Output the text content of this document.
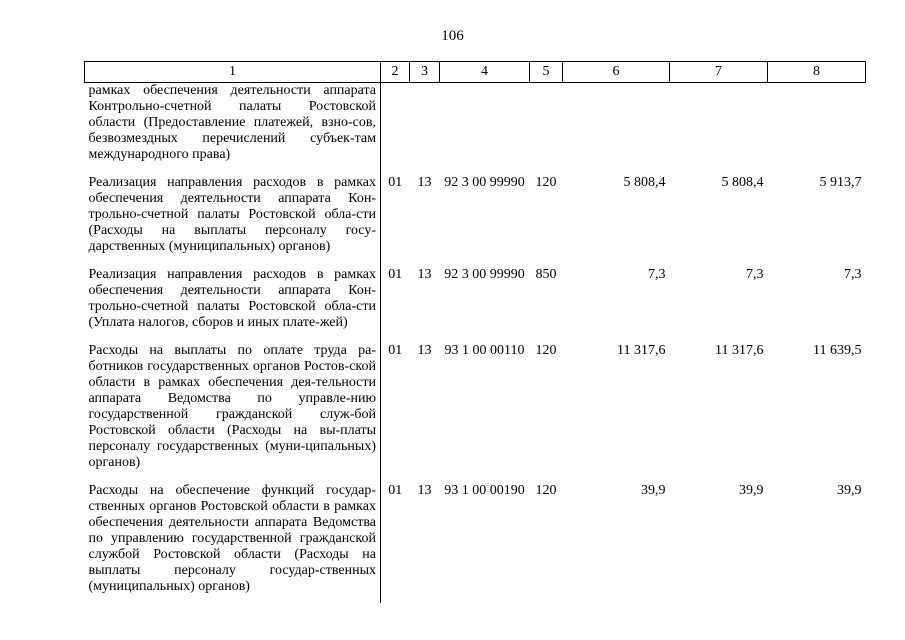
106
1	2	3	4	5	6	7	8
рамках обеспечения деятельности аппарата Контрольно-счетной палаты Ростовской области (Предоставление платежей, взно-сов, безвозмездных перечислений субъек-там международного права)							
Реализация направления расходов в рамках обеспечения деятельности аппарата Кон-трольно-счетной палаты Ростовской обла-сти (Расходы на выплаты персоналу госу-дарственных (муниципальных) органов)	01	13	92 3 00 99990	120	5 808,4	5 808,4	5 913,7
Реализация направления расходов в рамках обеспечения деятельности аппарата Кон-трольно-счетной палаты Ростовской обла-сти (Уплата налогов, сборов и иных плате-жей)	01	13	92 3 00 99990	850	7,3	7,3	7,3
Расходы на выплаты по оплате труда ра-ботников государственных органов Ростов-ской области в рамках обеспечения дея-тельности аппарата Ведомства по управле-нию государственной гражданской служ-бой Ростовской области (Расходы на вы-платы персоналу государственных (муни-ципальных) органов)	01	13	93 1 00 00110	120	11 317,6	11 317,6	11 639,5
Расходы на обеспечение функций государ-ственных органов Ростовской области в рамках обеспечения деятельности аппарата Ведомства по управлению государственной гражданской службой Ростовской области (Расходы на выплаты персоналу государ-ственных (муниципальных) органов)	01	13	93 1 00 00190	120	39,9	39,9	39,9
